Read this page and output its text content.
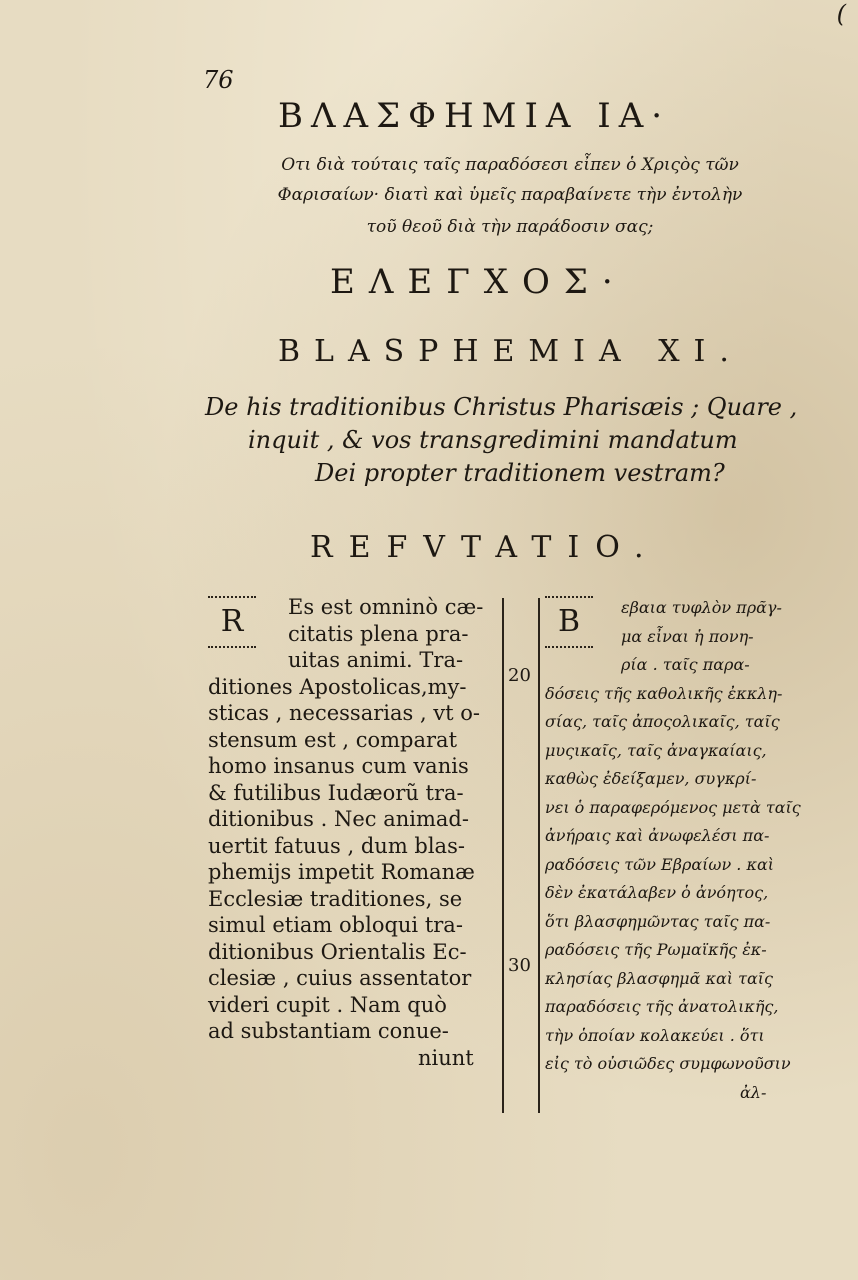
(
76
ΒΛΑΣΦΗΜΙΑ ΙΑ·
Οτι διὰ τούταις ταῖς παραδόσεσι εἶπεν ὁ Χριςὸς τῶν
Φαρισαίων· διατὶ καὶ ὑμεῖς παραβαίνετε τὴν ἐντολὴν
τοῦ θεοῦ διὰ τὴν παράδοσιν σας;
ΕΛΕΓΧΟΣ·
BLASPHEMIA XI.
De his traditionibus Christus Pharisæis ; Quare ,
inquit , & vos transgredimini mandatum
Dei propter traditionem vestram?
REFVTATIO.
R	Es est omninò cæ-
citatis plena pra-
uitas animi. Tra-
ditiones Apostolicas,my-
sticas , necessarias , vt o-
stensum est , comparat
homo insanus cum vanis
& futilibus Iudæorũ tra-
ditionibus . Nec animad-
uertit fatuus , dum blas-
phemijs impetit Romanæ
Ecclesiæ traditiones, se
simul etiam obloqui tra-
ditionibus Orientalis Ec-
clesiæ , cuius assentator
videri cupit . Nam quò
ad substantiam conue-
niunt
20
30
Β	εβαια τυφλὸν πρᾶγ-
μα εἶναι ἡ πονη-
ρία . ταῖς παρα-
δόσεις τῆς καθολικῆς ἐκκλη-
σίας, ταῖς ἀποςολικαῖς, ταῖς
μυςικαῖς, ταῖς ἀναγκαίαις,
καθὼς ἐδείξαμεν, συγκρί-
νει ὁ παραφερόμενος μετὰ ταῖς
ἀνήραις καὶ ἀνωφελέσι πα-
ραδόσεις τῶν Εβραίων . καὶ
δὲν ἐκατάλαβεν ὁ ἀνόητος,
ὅτι βλασφημῶντας ταῖς πα-
ραδόσεις τῆς Ρωμαϊκῆς ἐκ-
κλησίας βλασφημᾶ καὶ ταῖς
παραδόσεις τῆς ἀνατολικῆς,
τὴν ὁποίαν κολακεύει . ὅτι
εἰς τὸ οὐσιῶδες συμφωνοῦσιν
ἀλ-
